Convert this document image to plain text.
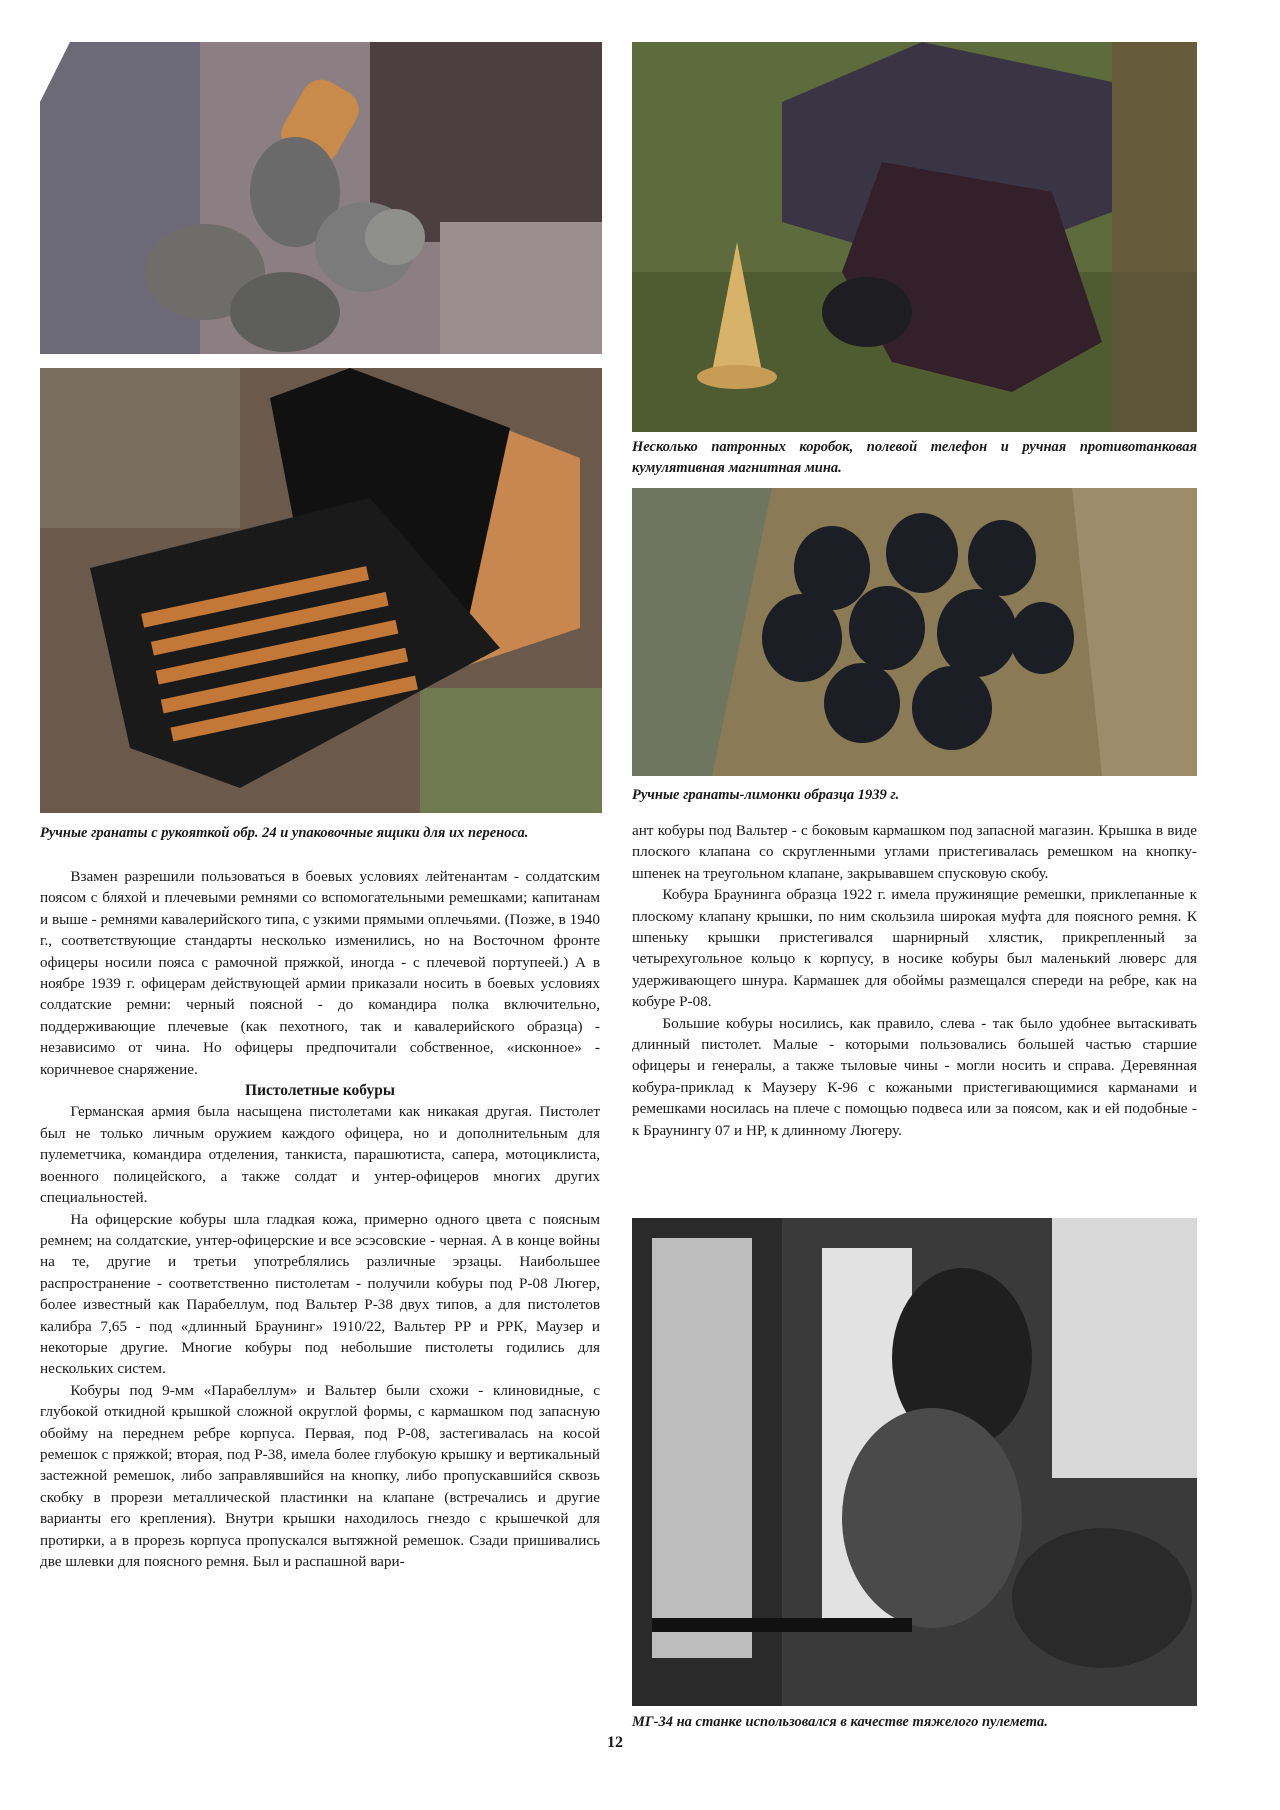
Ручные гранаты с рукояткой обр. 24 и упаковочные ящики для их переноса.
Несколько патронных коробок, полевой телефон и ручная противотанковая кумулятивная магнитная мина.
Ручные гранаты-лимонки образца 1939 г.
МГ-34 на станке использовался в качестве тяжелого пулемета.

Взамен разрешили пользоваться в боевых условиях лейтенантам - солдатским поясом с бляхой и плечевыми ремнями со вспомогательными ремешками; капитанам и выше - ремнями кавалерийского типа, с узкими прямыми оплечьями. (Позже, в 1940 г., соответствующие стандарты несколько изменились, но на Восточном фронте офицеры носили пояса с рамочной пряжкой, иногда - с плечевой портупеей.) А в ноябре 1939 г. офицерам действующей армии приказали носить в боевых условиях солдатские ремни: черный поясной - до командира полка включительно, поддерживающие плечевые (как пехотного, так и кавалерийского образца) - независимо от чина. Но офицеры предпочитали собственное, «исконное» - коричневое снаряжение.

Пистолетные кобуры

Германская армия была насыщена пистолетами как никакая другая. Пистолет был не только личным оружием каждого офицера, но и дополнительным для пулеметчика, командира отделения, танкиста, парашютиста, сапера, мотоциклиста, военного полицейского, а также солдат и унтер-офицеров многих других специальностей.

На офицерские кобуры шла гладкая кожа, примерно одного цвета с поясным ремнем; на солдатские, унтер-офицерские и все эсэсовские - черная. А в конце войны на те, другие и третьи употреблялись различные эрзацы. Наибольшее распространение - соответственно пистолетам - получили кобуры под Р-08 Люгер, более известный как Парабеллум, под Вальтер Р-38 двух типов, а для пистолетов калибра 7,65 - под «длинный Браунинг» 1910/22, Вальтер РР и РРК, Маузер и некоторые другие. Многие кобуры под небольшие пистолеты годились для нескольких систем.

Кобуры под 9-мм «Парабеллум» и Вальтер были схожи - клиновидные, с глубокой откидной крышкой сложной округлой формы, с кармашком под запасную обойму на переднем ребре корпуса. Первая, под Р-08, застегивалась на косой ремешок с пряжкой; вторая, под Р-38, имела более глубокую крышку и вертикальный застежной ремешок, либо заправлявшийся на кнопку, либо пропускавшийся сквозь скобку в прорези металлической пластинки на клапане (встречались и другие варианты его крепления). Внутри крышки находилось гнездо с крышечкой для протирки, а в прорезь корпуса пропускался вытяжной ремешок. Сзади пришивались две шлевки для поясного ремня. Был и распашной вари-

ант кобуры под Вальтер - с боковым кармашком под запасной магазин. Крышка в виде плоского клапана со скругленными углами пристегивалась ремешком на кнопку-шпенек на треугольном клапане, закрывавшем спусковую скобу.

Кобура Браунинга образца 1922 г. имела пружинящие ремешки, приклепанные к плоскому клапану крышки, по ним скользила широкая муфта для поясного ремня. К шпеньку крышки пристегивался шарнирный хлястик, прикрепленный за четырехугольное кольцо к корпусу, в носике кобуры был маленький люверс для удерживающего шнура. Кармашек для обоймы размещался спереди на ребре, как на кобуре Р-08.

Большие кобуры носились, как правило, слева - так было удобнее вытаскивать длинный пистолет. Малые - которыми пользовались большей частью старшие офицеры и генералы, а также тыловые чины - могли носить и справа. Деревянная кобура-приклад к Маузеру К-96 с кожаными пристегивающимися карманами и ремешками носилась на плече с помощью подвеса или за поясом, как и ей подобные - к Браунингу 07 и НР, к длинному Люгеру.

12
